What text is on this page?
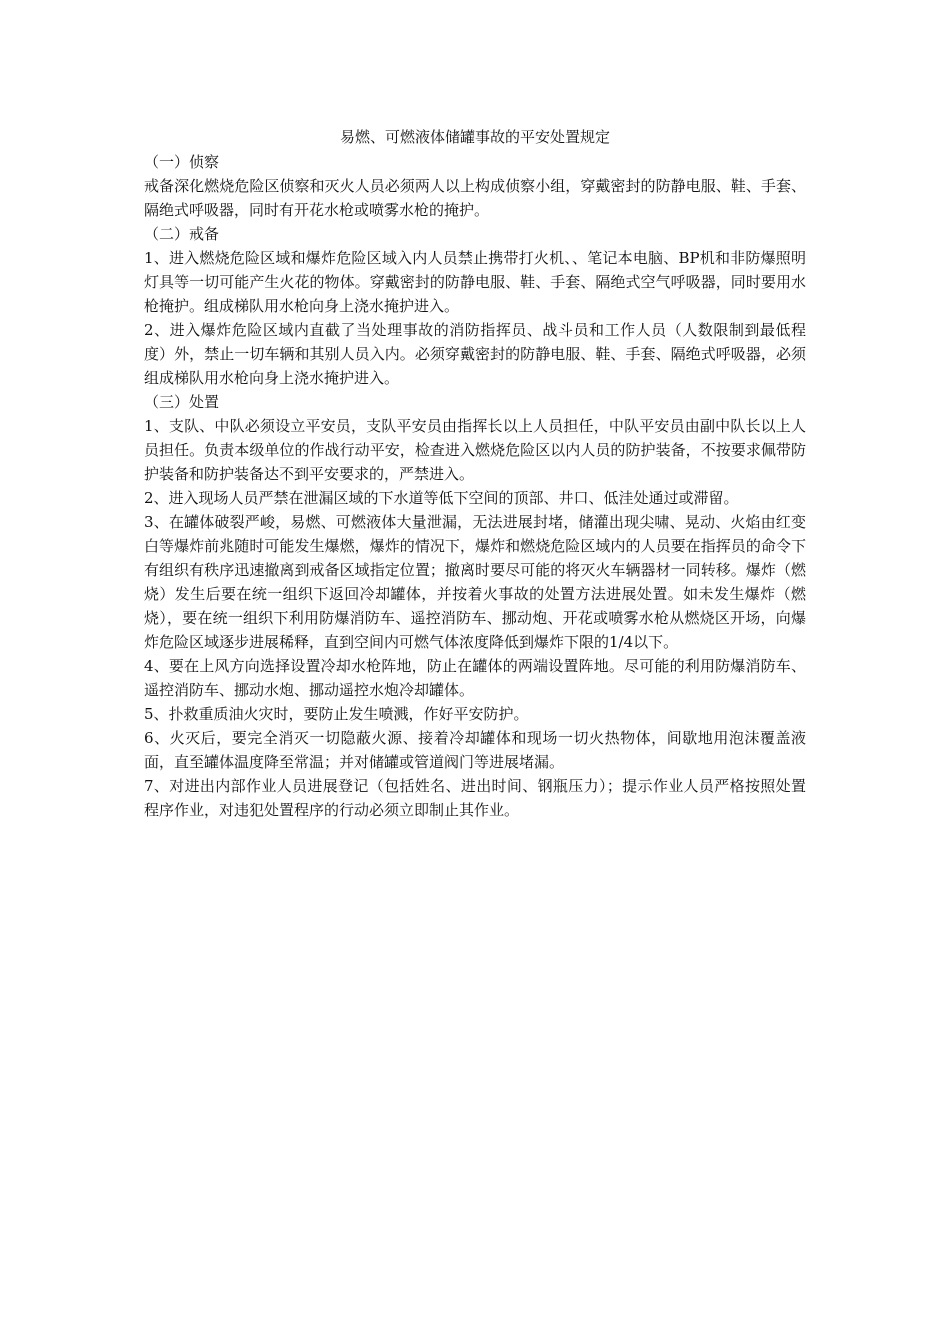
易燃、可燃液体储罐事故的平安处置规定

（一）侦察

戒备深化燃烧危险区侦察和灭火人员必须两人以上构成侦察小组，穿戴密封的防静电服、鞋、手套、隔绝式呼吸器，同时有开花水枪或喷雾水枪的掩护。

（二）戒备

1、进入燃烧危险区域和爆炸危险区域入内人员禁止携带打火机、、笔记本电脑、BP机和非防爆照明灯具等一切可能产生火花的物体。穿戴密封的防静电服、鞋、手套、隔绝式空气呼吸器，同时要用水枪掩护。组成梯队用水枪向身上浇水掩护进入。

2、进入爆炸危险区域内直截了当处理事故的消防指挥员、战斗员和工作人员（人数限制到最低程度）外，禁止一切车辆和其别人员入内。必须穿戴密封的防静电服、鞋、手套、隔绝式呼吸器，必须组成梯队用水枪向身上浇水掩护进入。

（三）处置

1、支队、中队必须设立平安员，支队平安员由指挥长以上人员担任，中队平安员由副中队长以上人员担任。负责本级单位的作战行动平安，检查进入燃烧危险区以内人员的防护装备，不按要求佩带防护装备和防护装备达不到平安要求的，严禁进入。

2、进入现场人员严禁在泄漏区域的下水道等低下空间的顶部、井口、低洼处通过或滞留。

3、在罐体破裂严峻，易燃、可燃液体大量泄漏，无法进展封堵，储灌出现尖啸、晃动、火焰由红变白等爆炸前兆随时可能发生爆燃，爆炸的情况下，爆炸和燃烧危险区域内的人员要在指挥员的命令下有组织有秩序迅速撤离到戒备区域指定位置；撤离时要尽可能的将灭火车辆器材一同转移。爆炸（燃烧）发生后要在统一组织下返回冷却罐体，并按着火事故的处置方法进展处置。如未发生爆炸（燃烧），要在统一组织下利用防爆消防车、遥控消防车、挪动炮、开花或喷雾水枪从燃烧区开场，向爆炸危险区域逐步进展稀释，直到空间内可燃气体浓度降低到爆炸下限的1/4以下。

4、要在上风方向选择设置冷却水枪阵地，防止在罐体的两端设置阵地。尽可能的利用防爆消防车、遥控消防车、挪动水炮、挪动遥控水炮冷却罐体。

5、扑救重质油火灾时，要防止发生喷溅，作好平安防护。

6、火灭后，要完全消灭一切隐蔽火源、接着冷却罐体和现场一切火热物体，间歇地用泡沫覆盖液面，直至罐体温度降至常温；并对储罐或管道阀门等进展堵漏。

7、对进出内部作业人员进展登记（包括姓名、进出时间、钢瓶压力）；提示作业人员严格按照处置程序作业，对违犯处置程序的行动必须立即制止其作业。
